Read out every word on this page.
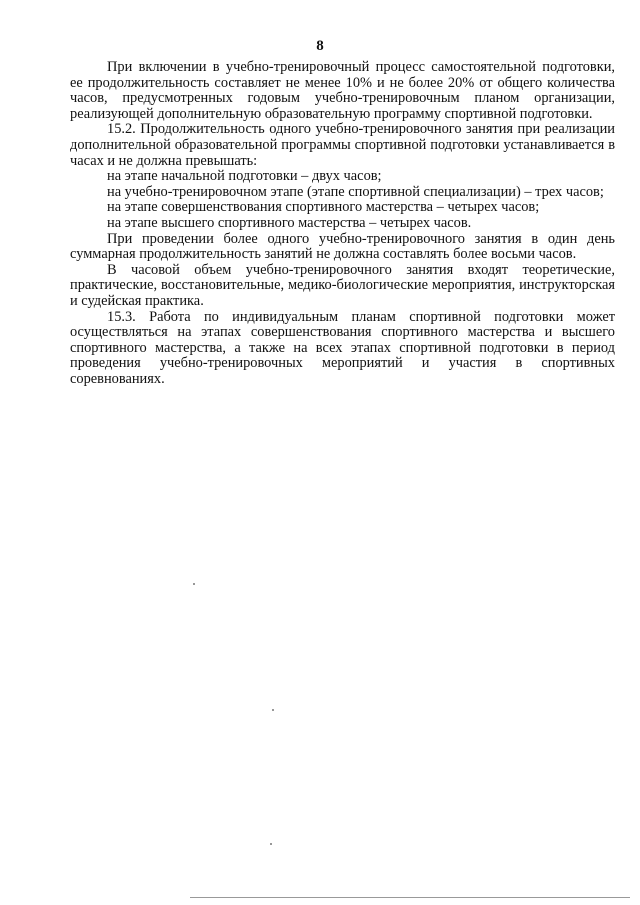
8

При включении в учебно-тренировочный процесс самостоятельной подготовки, ее продолжительность составляет не менее 10% и не более 20% от общего количества часов, предусмотренных годовым учебно-тренировочным планом организации, реализующей дополнительную образовательную программу спортивной подготовки.

15.2. Продолжительность одного учебно-тренировочного занятия при реализации дополнительной образовательной программы спортивной подготовки устанавливается в часах и не должна превышать:

на этапе начальной подготовки – двух часов;

на учебно-тренировочном этапе (этапе спортивной специализации) – трех часов;

на этапе совершенствования спортивного мастерства – четырех часов;

на этапе высшего спортивного мастерства – четырех часов.

При проведении более одного учебно-тренировочного занятия в один день суммарная продолжительность занятий не должна составлять более восьми часов.

В часовой объем учебно-тренировочного занятия входят теоретические, практические, восстановительные, медико-биологические мероприятия, инструкторская и судейская практика.

15.3. Работа по индивидуальным планам спортивной подготовки может осуществляться на этапах совершенствования спортивного мастерства и высшего спортивного мастерства, а также на всех этапах спортивной подготовки в период проведения учебно-тренировочных мероприятий и участия в спортивных соревнованиях.
